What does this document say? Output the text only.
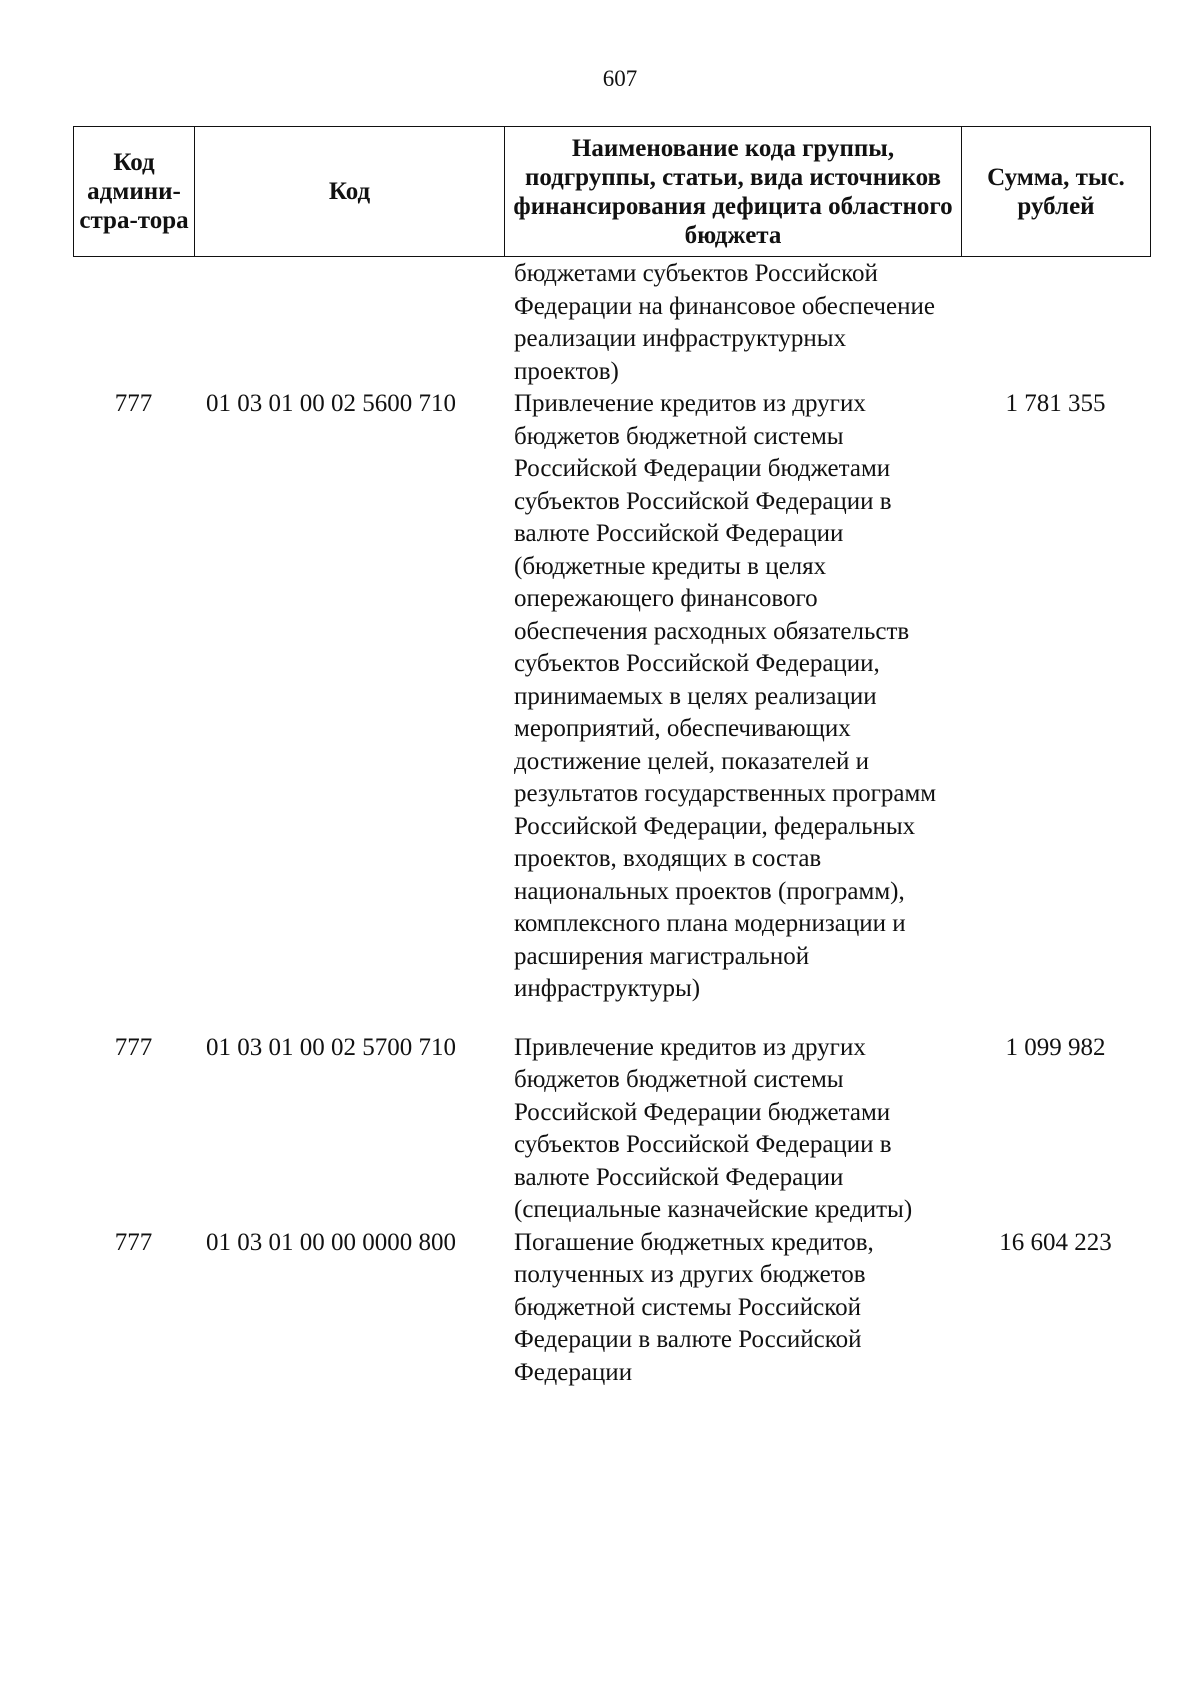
607
Код админи-стра-тора	Код	Наименование кода группы, подгруппы, статьи, вида источников финансирования дефицита областного бюджета	Сумма, тыс. рублей
		бюджетами субъектов Российской Федерации на финансовое обеспечение реализации инфраструктурных проектов)	
777	01 03 01 00 02 5600 710	Привлечение кредитов из других бюджетов бюджетной системы Российской Федерации бюджетами субъектов Российской Федерации в валюте Российской Федерации (бюджетные кредиты в целях опережающего финансового обеспечения расходных обязательств субъектов Российской Федерации, принимаемых в целях реализации мероприятий, обеспечивающих достижение целей, показателей и результатов государственных программ Российской Федерации, федеральных проектов, входящих в состав национальных проектов (программ), комплексного плана модернизации и расширения магистральной инфраструктуры)	1 781 355
777	01 03 01 00 02 5700 710	Привлечение кредитов из других бюджетов бюджетной системы Российской Федерации бюджетами субъектов Российской Федерации в валюте Российской Федерации (специальные казначейские кредиты)	1 099 982
777	01 03 01 00 00 0000 800	Погашение бюджетных кредитов, полученных из других бюджетов бюджетной системы Российской Федерации в валюте Российской Федерации	16 604 223
